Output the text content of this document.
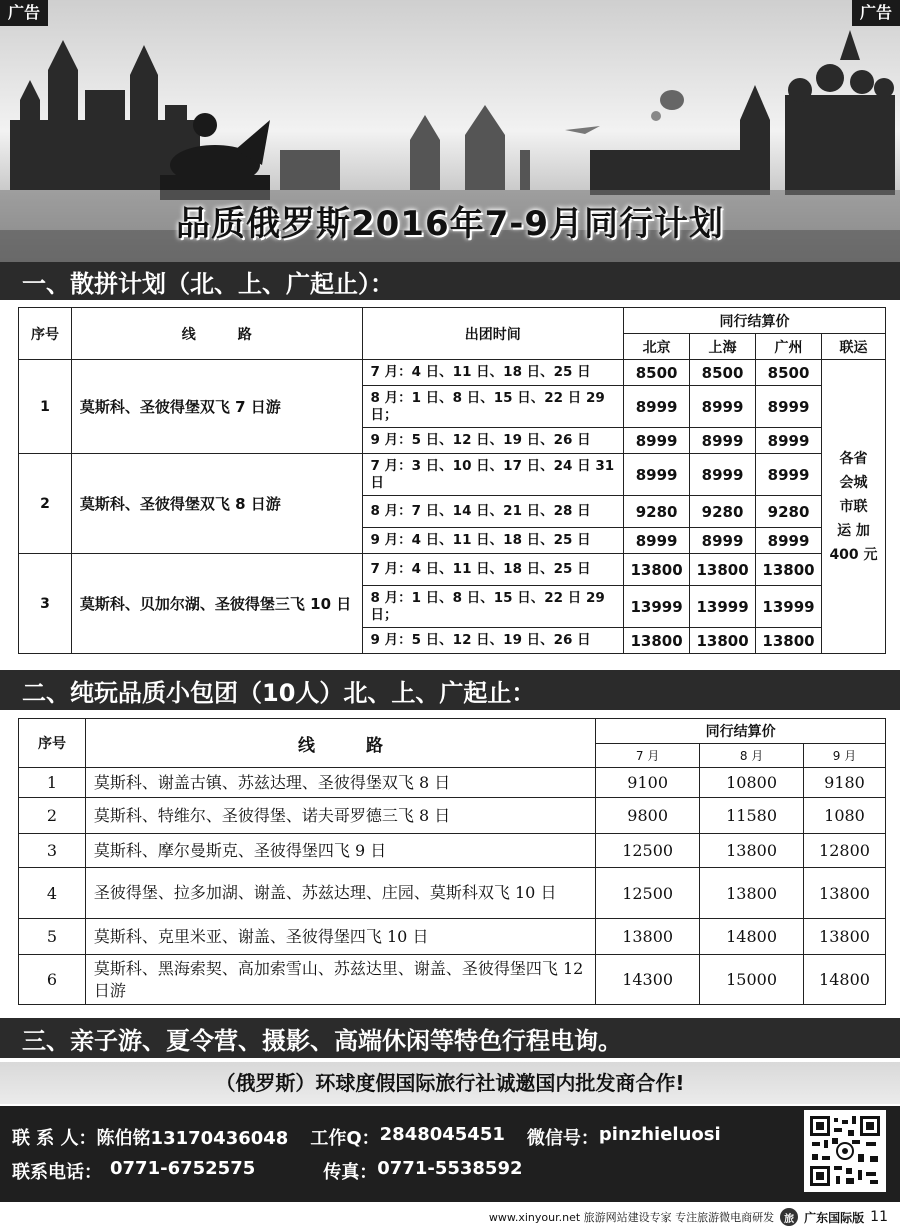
品质俄罗斯2016年7-9月同行计划
广告	广告
一、散拼计划（北、上、广起止）：
序号	线　　　路	出团时间	同行结算价			
			北京	上海	广州	联运
1	莫斯科、圣彼得堡双飞 7 日游	7 月：4 日、11 日、18 日、25 日	8500	8500	8500	各省
会城
市联
运 加
400 元

		8 月：1 日、8 日、15 日、22 日 29 日；	8999	8999	8999	
		9 月：5 日、12 日、19 日、26 日	8999	8999	8999	
2	莫斯科、圣彼得堡双飞 8 日游	7 月：3 日、10 日、17 日、24 日 31 日	8999	8999	8999	
		8 月：7 日、14 日、21 日、28 日	9280	9280	9280	
		9 月：4 日、11 日、18 日、25 日	8999	8999	8999	
3	莫斯科、贝加尔湖、圣彼得堡三飞 10 日	7 月：4 日、11 日、18 日、25 日	13800	13800	13800	
		8 月：1 日、8 日、15 日、22 日 29 日；	13999	13999	13999	
		9 月：5 日、12 日、19 日、26 日	13800	13800	13800	
二、纯玩品质小包团（10人）北、上、广起止：
序号	线　　　路	同行结算价		
		7 月	8 月	9 月
1	莫斯科、谢盖古镇、苏兹达理、圣彼得堡双飞 8 日	9100	10800	9180
2	莫斯科、特维尔、圣彼得堡、诺夫哥罗德三飞 8 日	9800	11580	1080
3	莫斯科、摩尔曼斯克、圣彼得堡四飞 9 日	12500	13800	12800
4	圣彼得堡、拉多加湖、谢盖、苏兹达理、庄园、莫斯科双飞 10 日	12500	13800	13800
5	莫斯科、克里米亚、谢盖、圣彼得堡四飞 10 日	13800	14800	13800
6	莫斯科、黑海索契、高加索雪山、苏兹达里、谢盖、圣彼得堡四飞 12 日游	14300	15000	14800
三、亲子游、夏令营、摄影、高端休闲等特色行程电询。
（俄罗斯）环球度假国际旅行社诚邀国内批发商合作!
联 系 人： 陈伯铭13170436048 工作Q： 2848045451 微信号： pinzhieluosi
联系电话： 0771-6752575	传真： 0771-5538592
www.xinyour.net 旅游网站建设专家 专注旅游微电商研发	旅 广东国际版 11
